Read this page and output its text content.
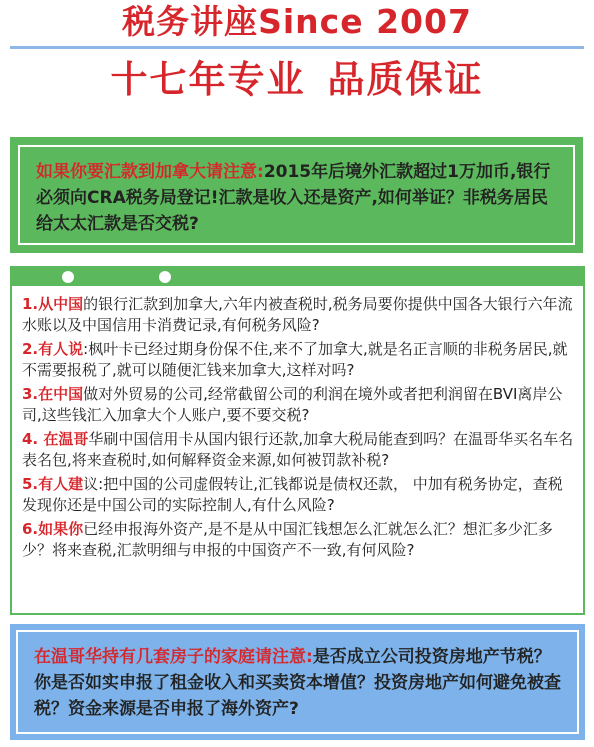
税务讲座Since 2007
十七年专业 品质保证
如果你要汇款到加拿大请注意:2015年后境外汇款超过1万加币,银行必须向CRA税务局登记!汇款是收入还是资产,如何举证？非税务居民给太太汇款是否交税?
1.从中国的银行汇款到加拿大,六年内被查税时,税务局要你提供中国各大银行六年流水账以及中国信用卡消费记录,有何税务风险?
2.有人说:枫叶卡已经过期身份保不住,来不了加拿大,就是名正言顺的非税务居民,就不需要报税了,就可以随便汇钱来加拿大,这样对吗?
3.在中国做对外贸易的公司,经常截留公司的利润在境外或者把利润留在BVI离岸公司,这些钱汇入加拿大个人账户,要不要交税?
4. 在温哥华刷中国信用卡从国内银行还款,加拿大税局能查到吗？在温哥华买名车名表名包,将来查税时,如何解释资金来源,如何被罚款补税?
5.有人建议:把中国的公司虚假转让,汇钱都说是债权还款， 中加有税务协定，查税发现你还是中国公司的实际控制人,有什么风险?
6.如果你已经申报海外资产,是不是从中国汇钱想怎么汇就怎么汇？想汇多少汇多少？将来查税,汇款明细与申报的中国资产不一致,有何风险?
在温哥华持有几套房子的家庭请注意:是否成立公司投资房地产节税？你是否如实申报了租金收入和买卖资本增值？投资房地产如何避免被查税？资金来源是否申报了海外资产?
